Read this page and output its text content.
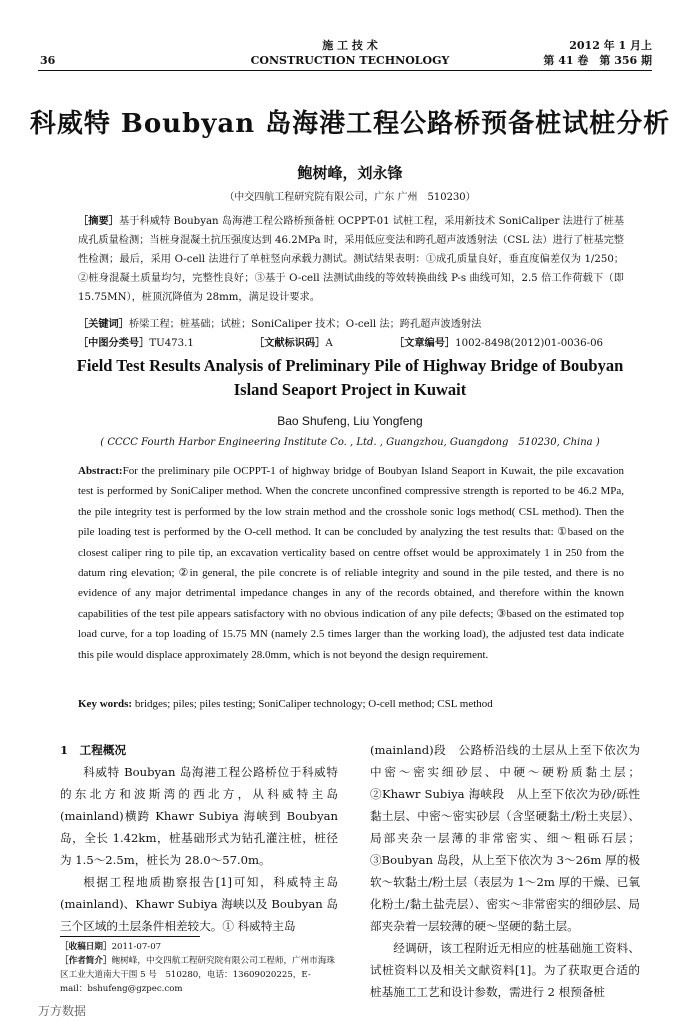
36
施 工 技 术
CONSTRUCTION TECHNOLOGY
2012 年 1 月上
第 41 卷　第 356 期
科威特 Boubyan 岛海港工程公路桥预备桩试桩分析
鲍树峰，刘永锋
（中交四航工程研究院有限公司，广东 广州　510230）
［摘要］基于科威特 Boubyan 岛海港工程公路桥预备桩 OCPPT-01 试桩工程，采用新技术 SoniCaliper 法进行了桩基成孔质量检测；当桩身混凝土抗压强度达到 46.2MPa 时，采用低应变法和跨孔超声波透射法（CSL 法）进行了桩基完整性检测；最后，采用 O-cell 法进行了单桩竖向承载力测试。测试结果表明：①成孔质量良好，垂直度偏差仅为 1/250；②桩身混凝土质量均匀，完整性良好；③基于 O-cell 法测试曲线的等效转换曲线 P-s 曲线可知，2.5 倍工作荷载下（即 15.75MN），桩顶沉降值为 28mm，满足设计要求。
［关键词］桥梁工程；桩基础；试桩；SoniCaliper 技术；O-cell 法；跨孔超声波透射法
［中图分类号］TU473.1	［文献标识码］A	［文章编号］1002-8498(2012)01-0036-06
Field Test Results Analysis of Preliminary Pile of Highway Bridge of Boubyan Island Seaport Project in Kuwait
Bao Shufeng, Liu Yongfeng
( CCCC Fourth Harbor Engineering Institute Co. , Ltd. , Guangzhou, Guangdong　510230, China )
Abstract:For the preliminary pile OCPPT-1 of highway bridge of Boubyan Island Seaport in Kuwait, the pile excavation test is performed by SoniCaliper method. When the concrete unconfined compressive strength is reported to be 46.2 MPa, the pile integrity test is performed by the low strain method and the crosshole sonic logs method( CSL method). Then the pile loading test is performed by the O-cell method. It can be concluded by analyzing the test results that: ①based on the closest caliper ring to pile tip, an excavation verticality based on centre offset would be approximately 1 in 250 from the datum ring elevation; ②in general, the pile concrete is of reliable integrity and sound in the pile tested, and there is no evidence of any major detrimental impedance changes in any of the records obtained, and therefore within the known capabilities of the test pile appears satisfactory with no obvious indication of any pile defects; ③based on the estimated top load curve, for a top loading of 15.75 MN (namely 2.5 times larger than the working load), the adjusted test data indicate this pile would displace approximately 28.0mm, which is not beyond the design requirement.
Key words: bridges; piles; piles testing; SoniCaliper technology; O-cell method; CSL method
1　工程概况

科威特 Boubyan 岛海港工程公路桥位于科威特的东北方和波斯湾的西北方，从科威特主岛(mainland)横跨 Khawr Subiya 海峡到 Boubyan 岛，全长 1.42km，桩基础形式为钻孔灌注桩，桩径为 1.5～2.5m，桩长为 28.0～57.0m。

根据工程地质勘察报告[1]可知，科威特主岛(mainland)、Khawr Subiya 海峡以及 Boubyan 岛三个区域的土层条件相差较大。① 科威特主岛

(mainland)段　公路桥沿线的土层从上至下依次为中密～密实细砂层、中硬～硬粉质黏土层；②Khawr Subiya 海峡段　从上至下依次为砂/砾性黏土层、中密～密实砂层（含坚硬黏土/粉土夹层）、局部夹杂一层薄的非常密实、细～粗砾石层；③Boubyan 岛段，从上至下依次为 3～26m 厚的极软～软黏土/粉土层（表层为 1～2m 厚的干燥、已氧化粉土/黏土盐壳层）、密实～非常密实的细砂层、局部夹杂着一层较薄的硬～坚硬的黏土层。

经调研，该工程附近无相应的桩基础施工资料、试桩资料以及相关文献资料[1]。为了获取更合适的桩基施工工艺和设计参数，需进行 2 根预备桩

［收稿日期］2011-07-07
［作者简介］鲍树峰，中交四航工程研究院有限公司工程师，广州市海珠区工业大道南大干围 5 号　510280，电话：13609020225，E-mail：bshufeng@gzpec.com
万方数据
